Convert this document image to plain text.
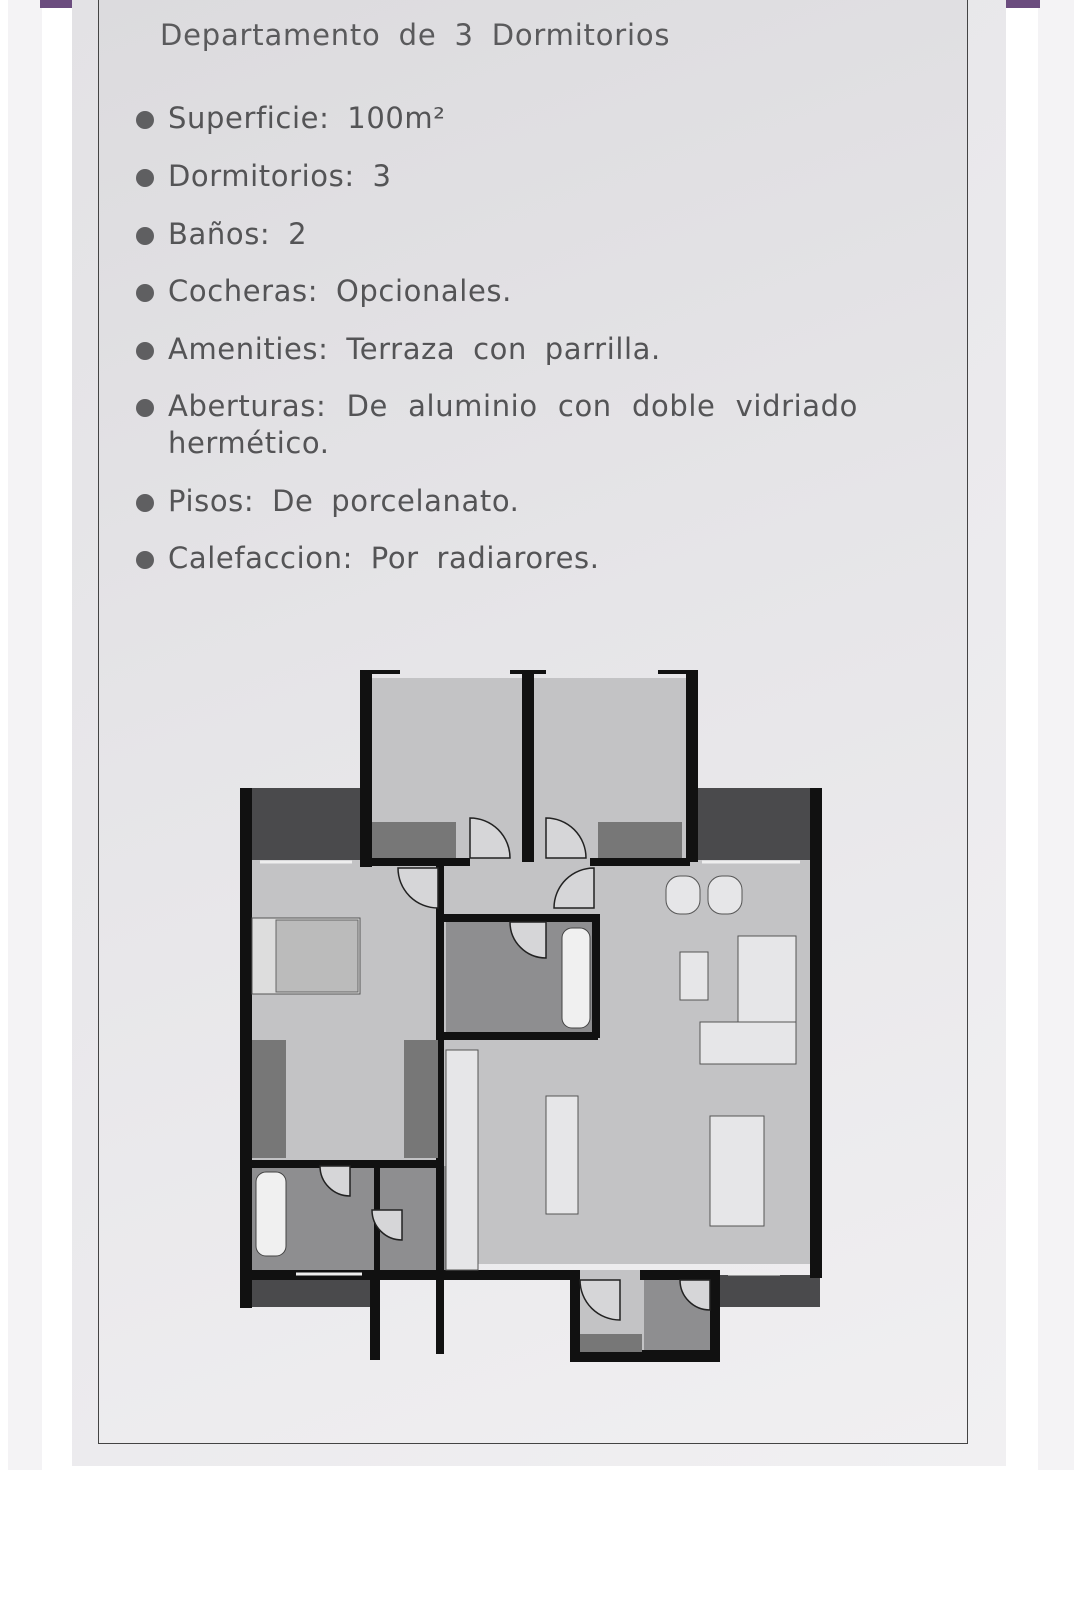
Departamento de 3 Dormitorios
Superficie: 100m²
Dormitorios: 3
Baños: 2
Cocheras: Opcionales.
Amenities: Terraza con parrilla.
Aberturas: De aluminio con doble vidriado hermético.
Pisos: De porcelanato.
Calefaccion: Por radiarores.
